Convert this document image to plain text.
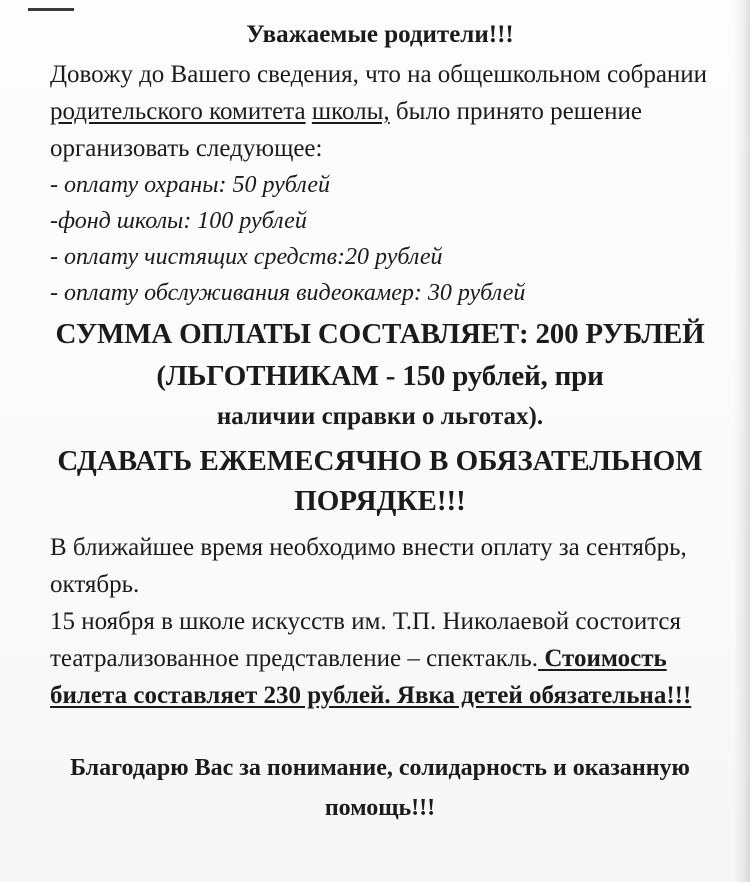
Уважаемые родители!!!

Довожу до Вашего сведения, что на общешкольном собрании родительского комитета школы, было принято решение организовать следующее:

- оплату охраны: 50 рублей
-фонд школы: 100 рублей
- оплату чистящих средств:20 рублей
- оплату обслуживания видеокамер: 30 рублей
СУММА ОПЛАТЫ СОСТАВЛЯЕТ: 200 РУБЛЕЙ (ЛЬГОТНИКАМ - 150 рублей, при
наличии справки о льготах).
СДАВАТЬ ЕЖЕМЕСЯЧНО В ОБЯЗАТЕЛЬНОМ ПОРЯДКЕ!!!

В ближайшее время необходимо внести оплату за сентябрь, октябрь.

15 ноября в школе искусств им. Т.П. Николаевой состоится театрализованное представление – спектакль. Стоимость билета составляет 230 рублей. Явка детей обязательна!!!

Благодарю Вас за понимание, солидарность и оказанную помощь!!!
